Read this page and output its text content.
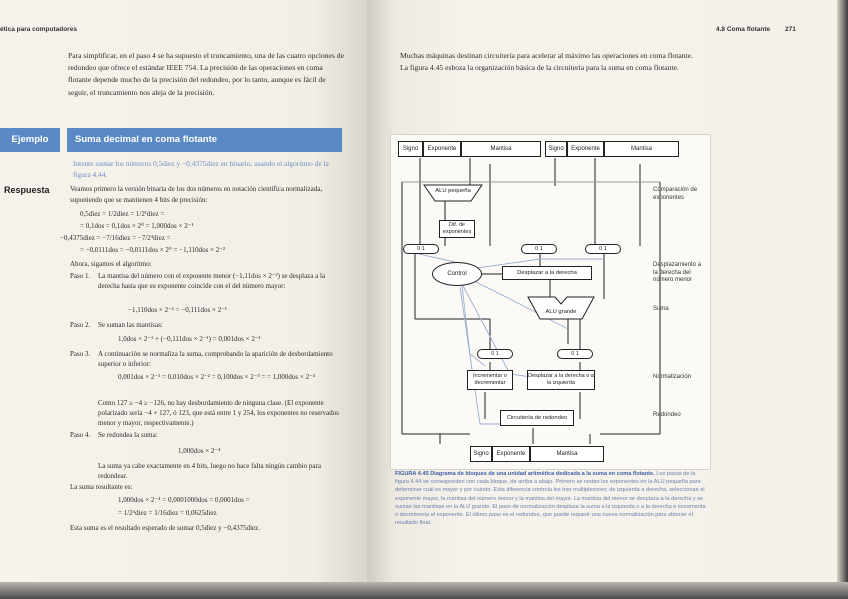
ética para computadores
Para simplificar, en el paso 4 se ha supuesto el truncamiento, una de las cuatro opciones de redondeo que ofrece el estándar IEEE 754. La precisión de las operaciones en coma flotante depende mucho de la precisión del redondeo, por lo tanto, aunque es fácil de seguir, el truncamiento nos aleja de la precisión.
Ejemplo	Suma decimal en coma flotante
Intente sumar los números 0,5diez y −0,4375diez en binario, usando el algoritmo de la figura 4.44.
Respuesta	Veamos primero la versión binaria de los dos números en notación científica normalizada, suponiendo que se mantienen 4 bits de precisión:
0,5diez = 1/2diez = 1/2¹diez =
= 0,1dos = 0,1dos × 2⁰ = 1,000dos × 2⁻¹
−0,4375diez = −7/16diez = −7/2⁴diez =
= −0,0111dos = −0,0111dos × 2⁰ = −1,110dos × 2⁻²
Ahora, sigamos el algoritmo:
Paso 1.	La mantisa del número con el exponente menor (−1,11dos × 2⁻²) se desplaza a la derecha hasta que su exponente coincide con el del número mayor:
−1,110dos × 2⁻² = −0,111dos × 2⁻¹
Paso 2.	Se suman las mantisas:
1,0dos × 2⁻¹ + (−0,111dos × 2⁻¹) = 0,001dos × 2⁻¹
Paso 3.	A continuación se normaliza la suma, comprobando la aparición de desbordamiento superior o inferior:
0,001dos × 2⁻¹ = 0,010dos × 2⁻² = 0,100dos × 2⁻³ = = 1,000dos × 2⁻⁴
Como 127 ≥ −4 ≥ −126, no hay desbordamiento de ninguna clase. (El exponente polarizado sería −4 + 127, ó 123, que está entre 1 y 254, los exponentes no reservados menor y mayor, respectivamente.)
Paso 4.	Se redondea la suma:
1,000dos × 2⁻⁴
La suma ya cabe exactamente en 4 bits, luego no hace falta ningún cambio para redondear.
La suma resultante es:
1,000dos × 2⁻⁴ = 0,0001000dos = 0,0001dos =
= 1/2⁴diez = 1/16diez = 0,0625diez
Esta suma es el resultado esperado de sumar 0,5diez y −0,4375diez.
4.8 Coma flotante 271
Muchas máquinas destinan circuitería para acelerar al máximo las operaciones en coma flotante. La figura 4.45 esboza la organización básica de la circuitería para la suma en coma flotante.
Signo	Exponente	Mantisa	Signo	Exponente	Mantisa
ALU pequeña
Dif. de exponentes
0 1	0 1	0 1
Control	Desplazar a la derecha
ALU grande
0 1	0 1
Incrementar o decrementar
Desplazar a la derecha o a la izquierda
Circuitería de redondeo
Signo	Exponente	Mantisa
Comparación de exponentes
Desplazamiento a la derecha del número menor
Suma
Normalización
Redondeo
FIGURA 4.45 Diagrama de bloques de una unidad aritmética dedicada a la suma en coma flotante. Los pasos de la figura 4.44 se corresponden con cada bloque, de arriba a abajo. Primero se restan los exponentes en la ALU pequeña para determinar cuál es mayor y por cuánto. Esta diferencia controla los tres multiplexores; de izquierda a derecha, seleccionan el exponente mayor, la mantisa del número menor y la mantisa del mayor. La mantisa del menor se desplaza a la derecha y se suman las mantisas en la ALU grande. El paso de normalización desplaza la suma a la izquierda o a la derecha e incrementa o decrementa el exponente. El último paso es el redondeo, que puede requerir una nueva normalización para obtener el resultado final.
